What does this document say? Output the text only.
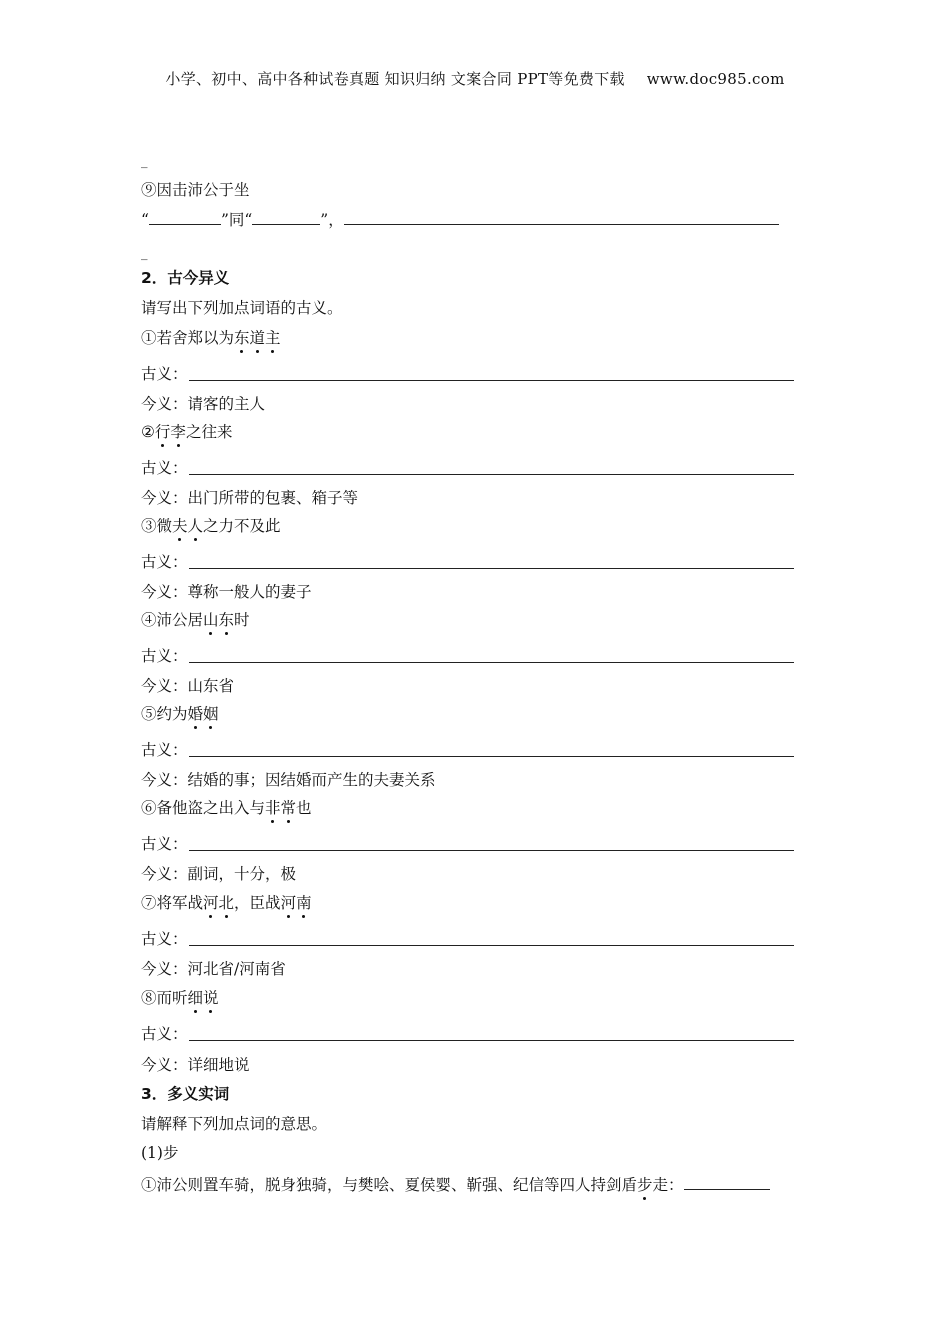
小学、初中、高中各种试卷真题 知识归纳 文案合同 PPT等免费下载 www.doc985.com
_
⑨因击沛公于坐
“	”同“	”，
_
2．古今异义
请写出下列加点词语的古义。
①若舍郑以为东道主
古义：
今义：请客的主人
②行李之往来
古义：
今义：出门所带的包裹、箱子等
③微夫人之力不及此
古义：
今义：尊称一般人的妻子
④沛公居山东时
古义：
今义：山东省
⑤约为婚姻
古义：
今义：结婚的事；因结婚而产生的夫妻关系
⑥备他盗之出入与非常也
古义：
今义：副词，十分，极
⑦将军战河北，臣战河南
古义：
今义：河北省/河南省
⑧而听细说
古义：
今义：详细地说
3．多义实词
请解释下列加点词的意思。
(1)步
①沛公则置车骑，脱身独骑，与樊哙、夏侯婴、靳强、纪信等四人持剑盾步走：
